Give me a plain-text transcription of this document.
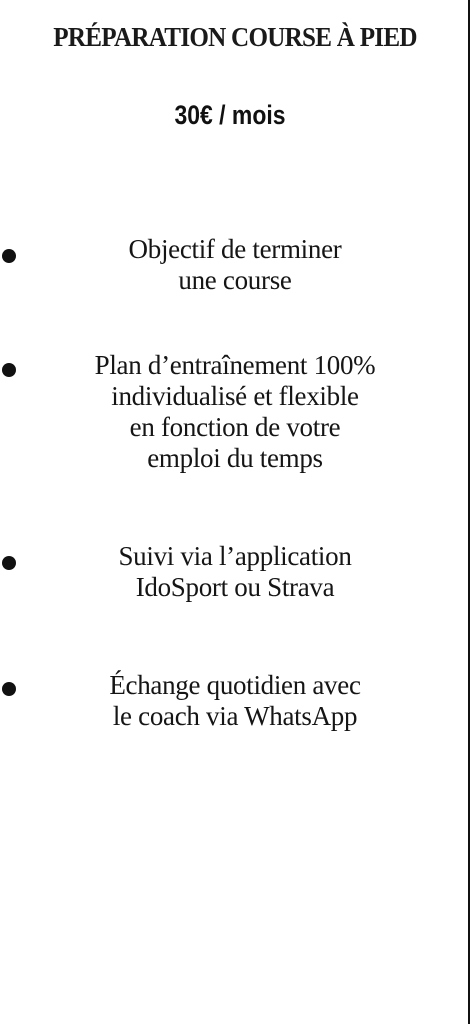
PRÉPARATION COURSE À PIED
30€ / mois
Objectif de terminer
une course
Plan d’entraînement 100%
individualisé et flexible
en fonction de votre
emploi du temps
Suivi via l’application
IdoSport ou Strava
Échange quotidien avec
le coach via WhatsApp
